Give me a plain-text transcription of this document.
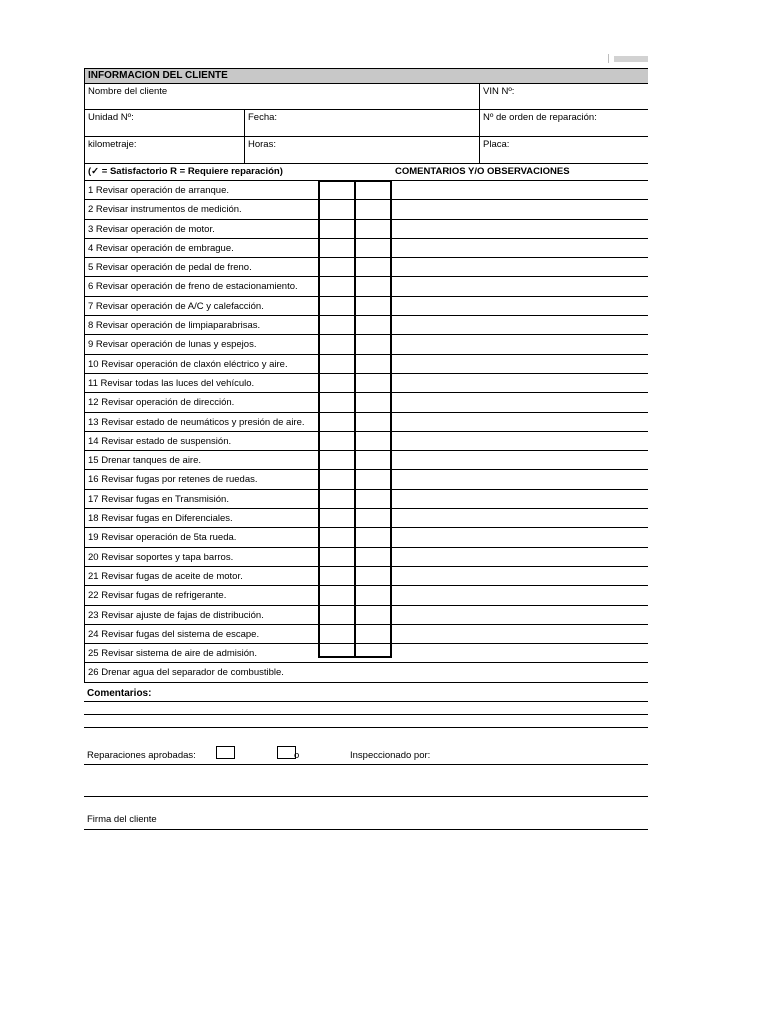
INFORMACION DEL CLIENTE
Nombre del cliente	VIN Nº:
Unidad Nº:	Fecha:	Nº de orden de reparación:
kilometraje:	Horas:	Placa:
(✓ = Satisfactorio R = Requiere reparación)	COMENTARIOS Y/O OBSERVACIONES
1 Revisar operación de arranque.
2 Revisar instrumentos de medición.
3 Revisar operación de motor.
4 Revisar operación de embrague.
5 Revisar operación de pedal de freno.
6 Revisar operación de freno de estacionamiento.
7 Revisar operación de A/C y calefacción.
8 Revisar operación de limpiaparabrisas.
9 Revisar operación de lunas y espejos.
10 Revisar operación de claxón eléctrico y aire.
11 Revisar todas las luces del vehículo.
12 Revisar operación de dirección.
13 Revisar estado de neumáticos y presión de aire.
14 Revisar estado de suspensión.
15 Drenar tanques de aire.
16 Revisar fugas por retenes de ruedas.
17 Revisar fugas en Transmisión.
18 Revisar fugas en Diferenciales.
19 Revisar operación de 5ta rueda.
20 Revisar soportes y tapa barros.
21 Revisar fugas de aceite de motor.
22 Revisar fugas de refrigerante.
23 Revisar ajuste de fajas de distribución.
24 Revisar fugas del sistema de escape.
25 Revisar sistema de aire de admisión.
26 Drenar agua del separador de combustible.
Comentarios:
Reparaciones aprobadas:	o	Inspeccionado por:
Firma del cliente
